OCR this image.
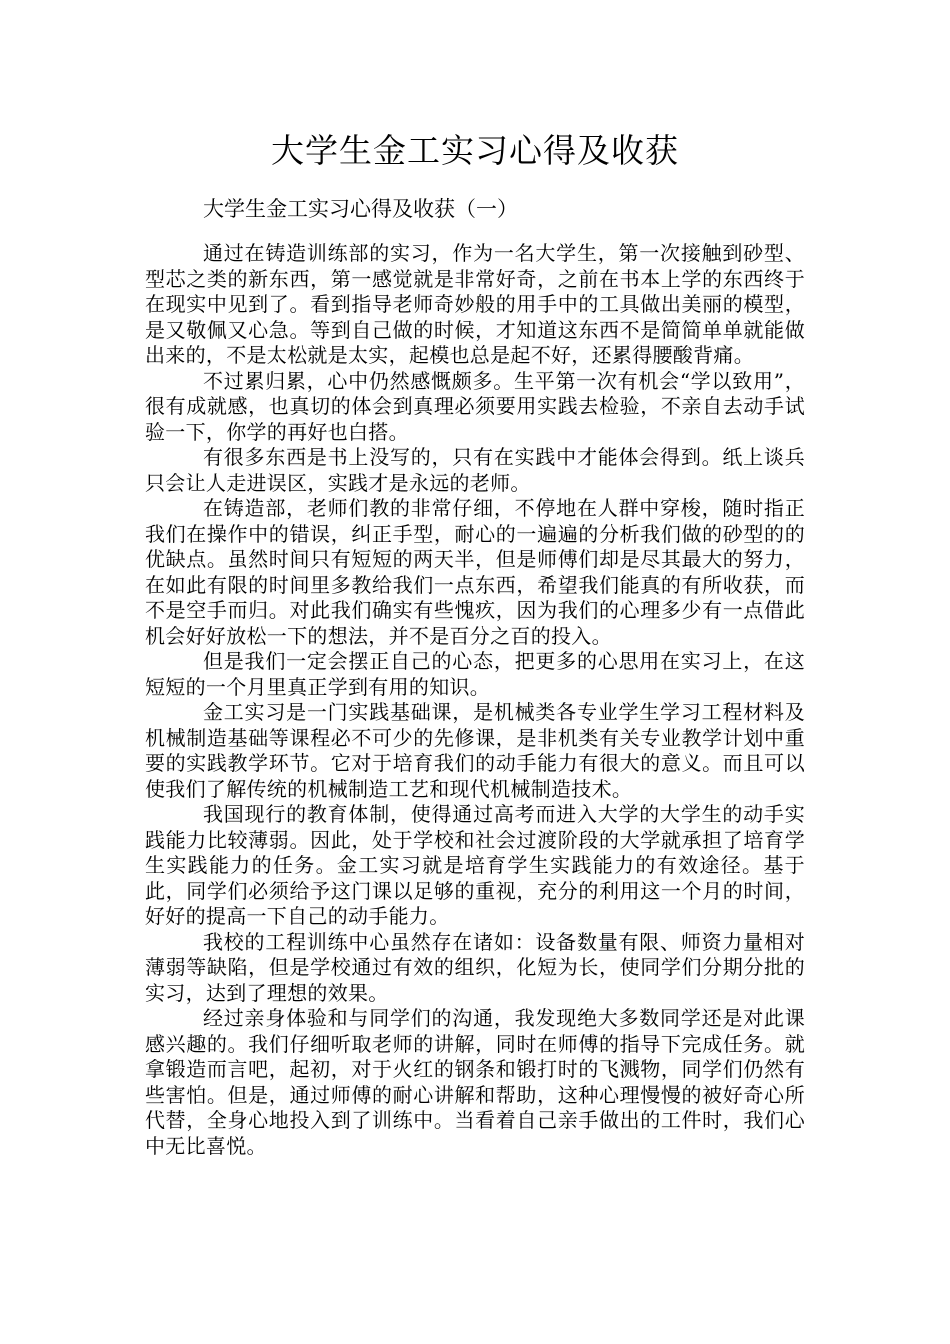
大学生金工实习心得及收获
大学生金工实习心得及收获（一）

通过在铸造训练部的实习，作为一名大学生，第一次接触到砂型、型芯之类的新东西，第一感觉就是非常好奇，之前在书本上学的东西终于在现实中见到了。看到指导老师奇妙般的用手中的工具做出美丽的模型，是又敬佩又心急。等到自己做的时候，才知道这东西不是简简单单就能做出来的，不是太松就是太实，起模也总是起不好，还累得腰酸背痛。

不过累归累，心中仍然感慨颇多。生平第一次有机会“学以致用”，很有成就感，也真切的体会到真理必须要用实践去检验，不亲自去动手试验一下，你学的再好也白搭。

有很多东西是书上没写的，只有在实践中才能体会得到。纸上谈兵只会让人走进误区，实践才是永远的老师。

在铸造部，老师们教的非常仔细，不停地在人群中穿梭，随时指正我们在操作中的错误，纠正手型，耐心的一遍遍的分析我们做的砂型的的优缺点。虽然时间只有短短的两天半，但是师傅们却是尽其最大的努力，在如此有限的时间里多教给我们一点东西，希望我们能真的有所收获，而不是空手而归。对此我们确实有些愧疚，因为我们的心理多少有一点借此机会好好放松一下的想法，并不是百分之百的投入。

但是我们一定会摆正自己的心态，把更多的心思用在实习上，在这短短的一个月里真正学到有用的知识。

金工实习是一门实践基础课，是机械类各专业学生学习工程材料及机械制造基础等课程必不可少的先修课，是非机类有关专业教学计划中重要的实践教学环节。它对于培育我们的动手能力有很大的意义。而且可以使我们了解传统的机械制造工艺和现代机械制造技术。

我国现行的教育体制，使得通过高考而进入大学的大学生的动手实践能力比较薄弱。因此，处于学校和社会过渡阶段的大学就承担了培育学生实践能力的任务。金工实习就是培育学生实践能力的有效途径。基于此，同学们必须给予这门课以足够的重视，充分的利用这一个月的时间，好好的提高一下自己的动手能力。

我校的工程训练中心虽然存在诸如：设备数量有限、师资力量相对薄弱等缺陷，但是学校通过有效的组织，化短为长，使同学们分期分批的实习，达到了理想的效果。

经过亲身体验和与同学们的沟通，我发现绝大多数同学还是对此课感兴趣的。我们仔细听取老师的讲解，同时在师傅的指导下完成任务。就拿锻造而言吧，起初，对于火红的钢条和锻打时的飞溅物，同学们仍然有些害怕。但是，通过师傅的耐心讲解和帮助，这种心理慢慢的被好奇心所代替，全身心地投入到了训练中。当看着自己亲手做出的工件时，我们心中无比喜悦。
